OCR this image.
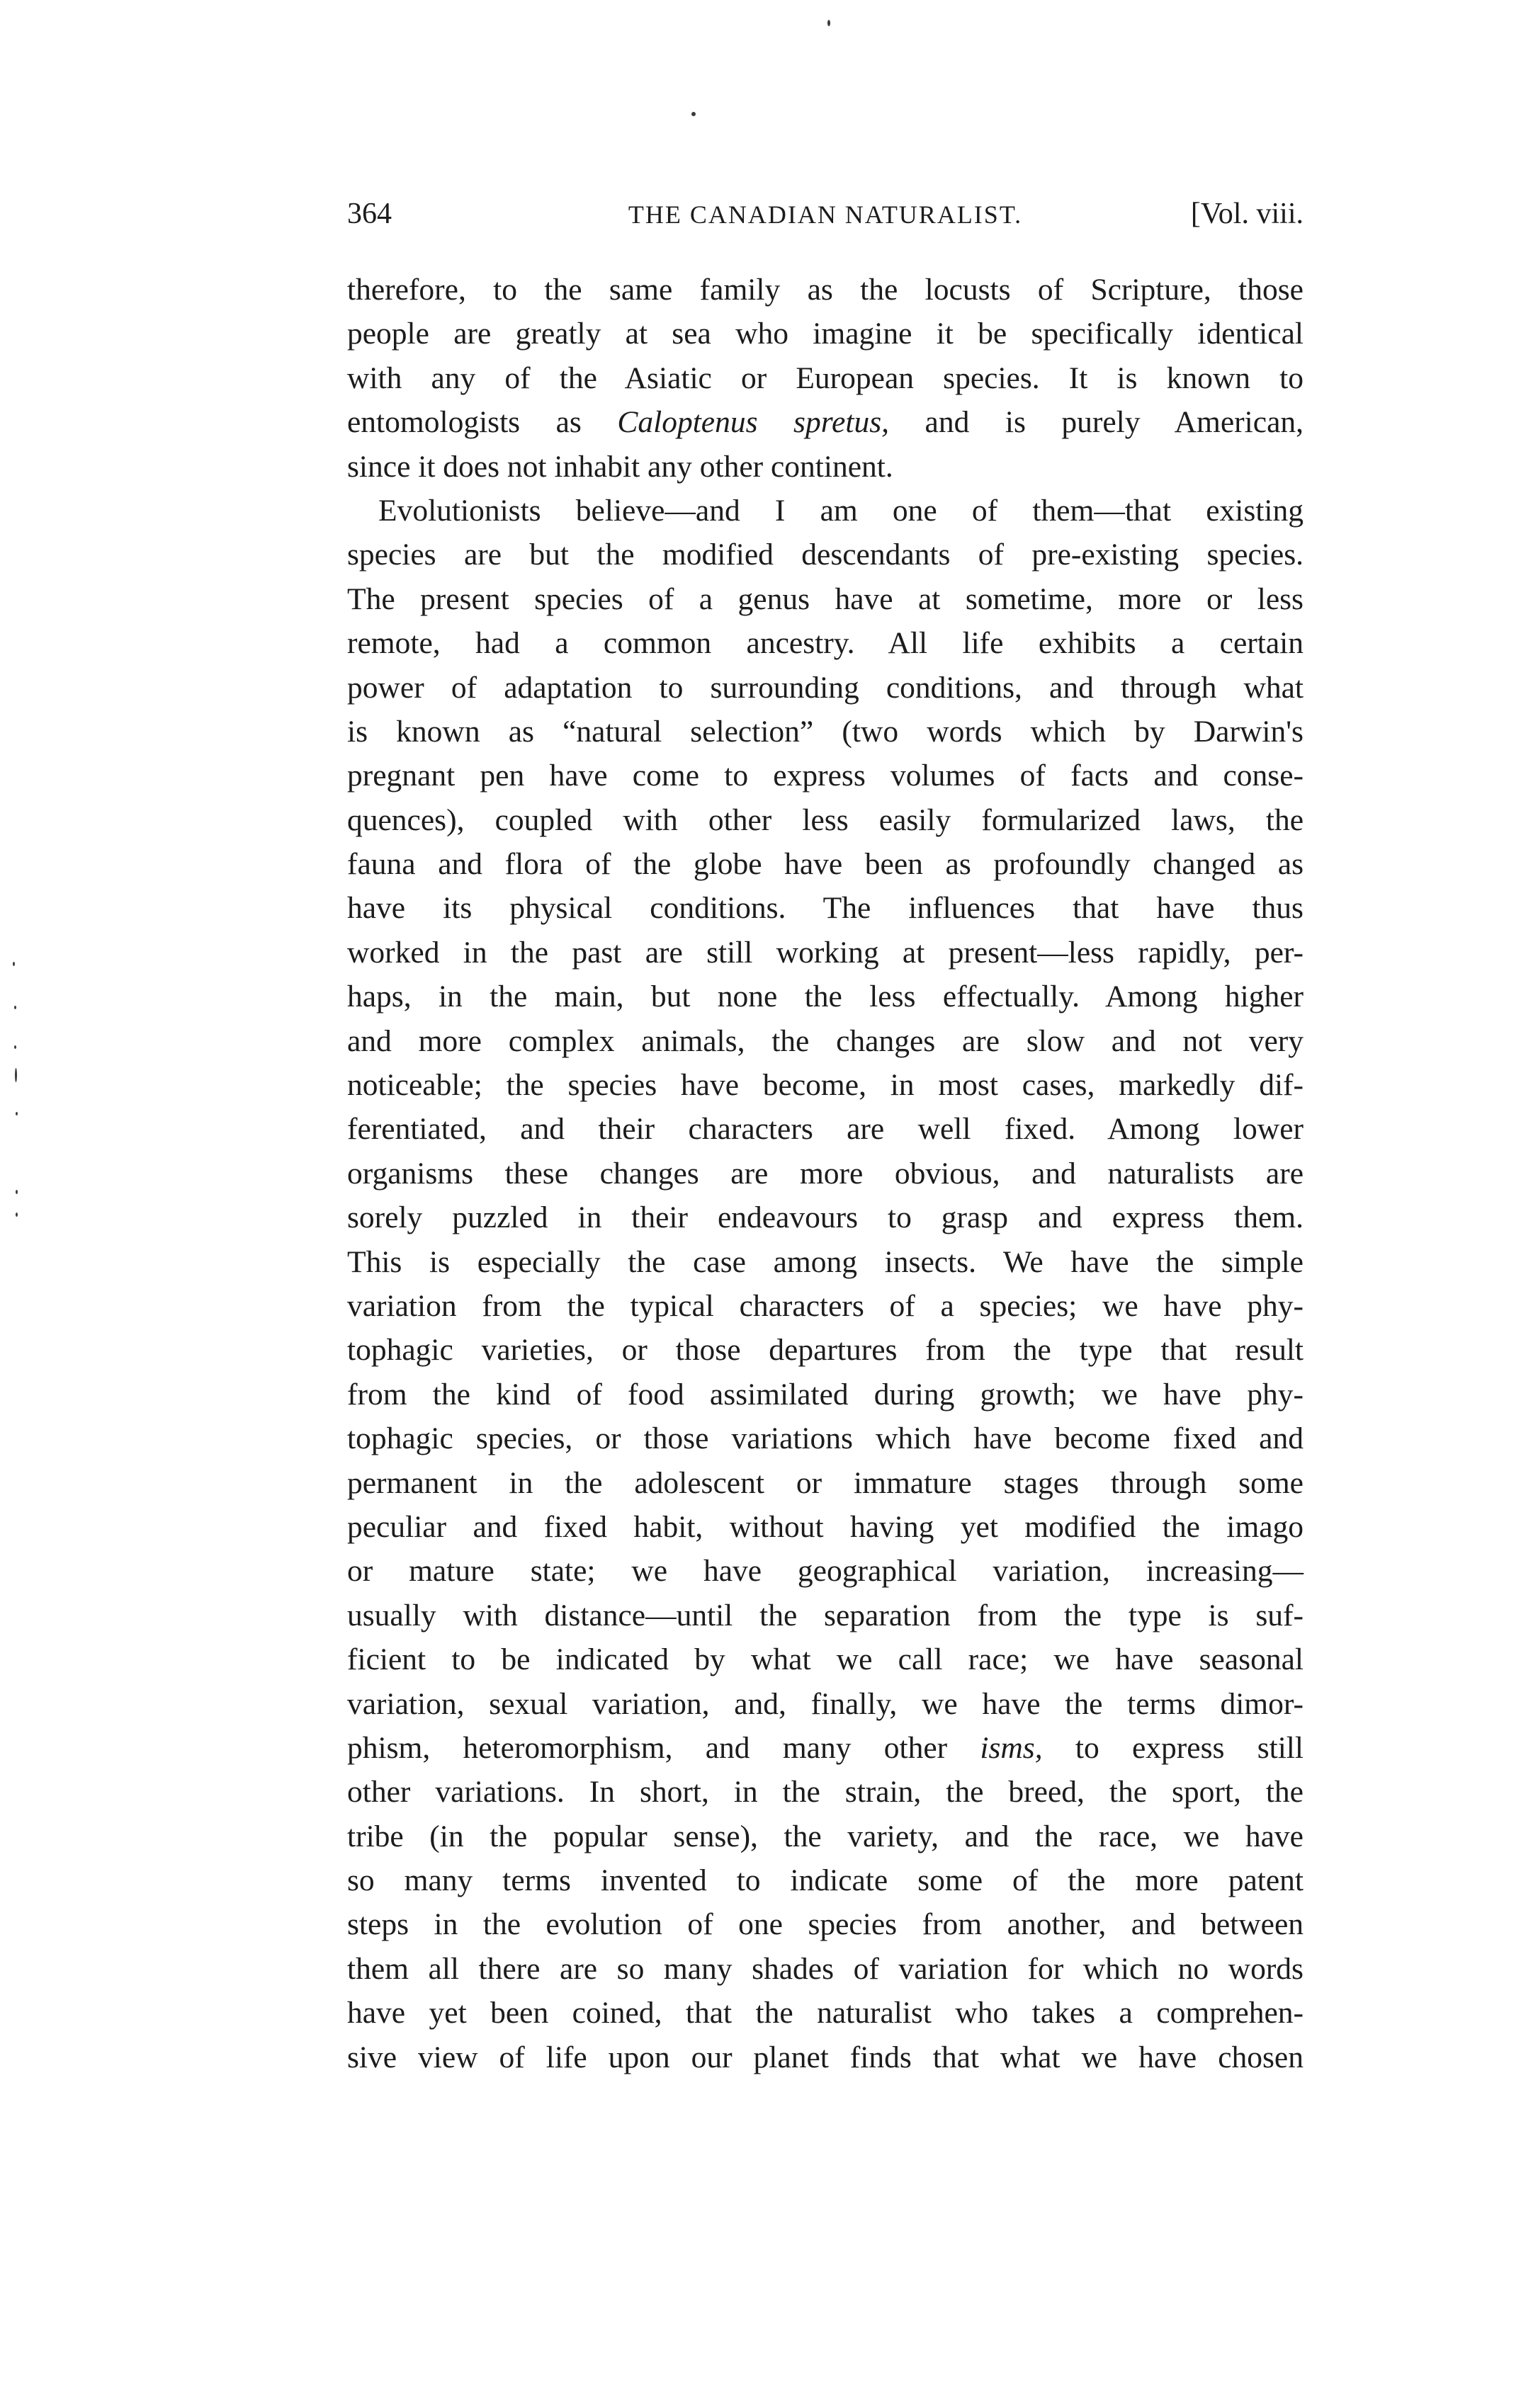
364	THE CANADIAN NATURALIST.	[Vol. viii.
therefore, to the same family as the locusts of Scripture, those
people are greatly at sea who imagine it be specifically identical
with any of the Asiatic or European species. It is known to
entomologists as Caloptenus spretus, and is purely American,
since it does not inhabit any other continent.
Evolutionists believe—and I am one of them—that existing
species are but the modified descendants of pre-existing species.
The present species of a genus have at sometime, more or less
remote, had a common ancestry. All life exhibits a certain
power of adaptation to surrounding conditions, and through what
is known as “natural selection” (two words which by Darwin's
pregnant pen have come to express volumes of facts and conse-
quences), coupled with other less easily formularized laws, the
fauna and flora of the globe have been as profoundly changed as
have its physical conditions. The influences that have thus
worked in the past are still working at present—less rapidly, per-
haps, in the main, but none the less effectually. Among higher
and more complex animals, the changes are slow and not very
noticeable; the species have become, in most cases, markedly dif-
ferentiated, and their characters are well fixed. Among lower
organisms these changes are more obvious, and naturalists are
sorely puzzled in their endeavours to grasp and express them.
This is especially the case among insects. We have the simple
variation from the typical characters of a species; we have phy-
tophagic varieties, or those departures from the type that result
from the kind of food assimilated during growth; we have phy-
tophagic species, or those variations which have become fixed and
permanent in the adolescent or immature stages through some
peculiar and fixed habit, without having yet modified the imago
or mature state; we have geographical variation, increasing—
usually with distance—until the separation from the type is suf-
ficient to be indicated by what we call race; we have seasonal
variation, sexual variation, and, finally, we have the terms dimor-
phism, heteromorphism, and many other isms, to express still
other variations. In short, in the strain, the breed, the sport, the
tribe (in the popular sense), the variety, and the race, we have
so many terms invented to indicate some of the more patent
steps in the evolution of one species from another, and between
them all there are so many shades of variation for which no words
have yet been coined, that the naturalist who takes a comprehen-
sive view of life upon our planet finds that what we have chosen
